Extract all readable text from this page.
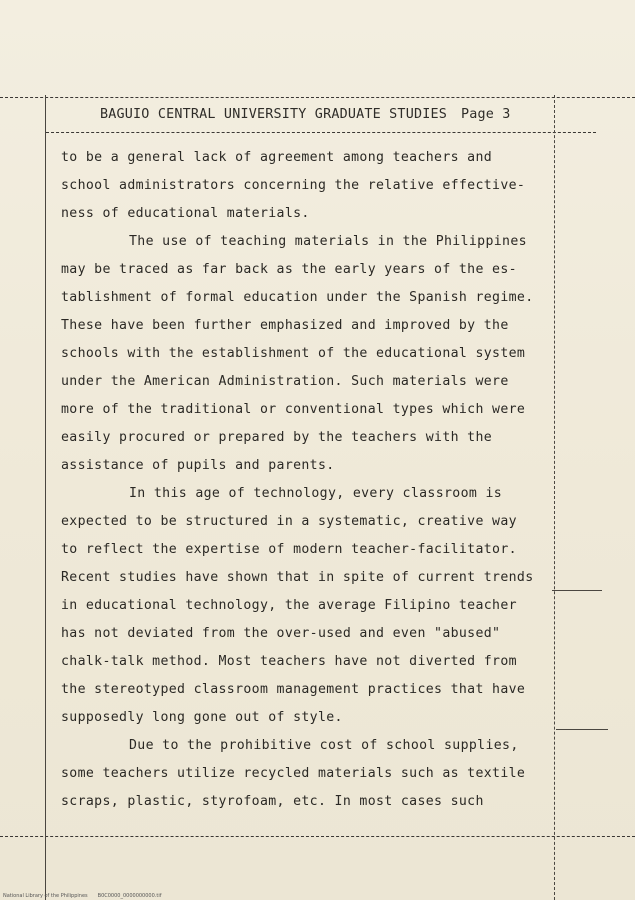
BAGUIO CENTRAL UNIVERSITY GRADUATE STUDIES Page 3
to be a general lack of agreement among teachers and
school administrators concerning the relative effective-
ness of educational materials.
The use of teaching materials in the Philippines
may be traced as far back as the early years of the es-
tablishment of formal education under the Spanish regime.
These have been further emphasized and improved by the
schools with the establishment of the educational system
under the American Administration. Such materials were
more of the traditional or conventional types which were
easily procured or prepared by the teachers with the
assistance of pupils and parents.
In this age of technology, every classroom is
expected to be structured in a systematic, creative way
to reflect the expertise of modern teacher-facilitator.
Recent studies have shown that in spite of current trends
in educational technology, the average Filipino teacher
has not deviated from the over-used and even "abused"
chalk-talk method. Most teachers have not diverted from
the stereotyped classroom management practices that have
supposedly long gone out of style.
Due to the prohibitive cost of school supplies,
some teachers utilize recycled materials such as textile
scraps, plastic, styrofoam, etc. In most cases such
National Library of the Philippines B0C0000_0000000000.tif
